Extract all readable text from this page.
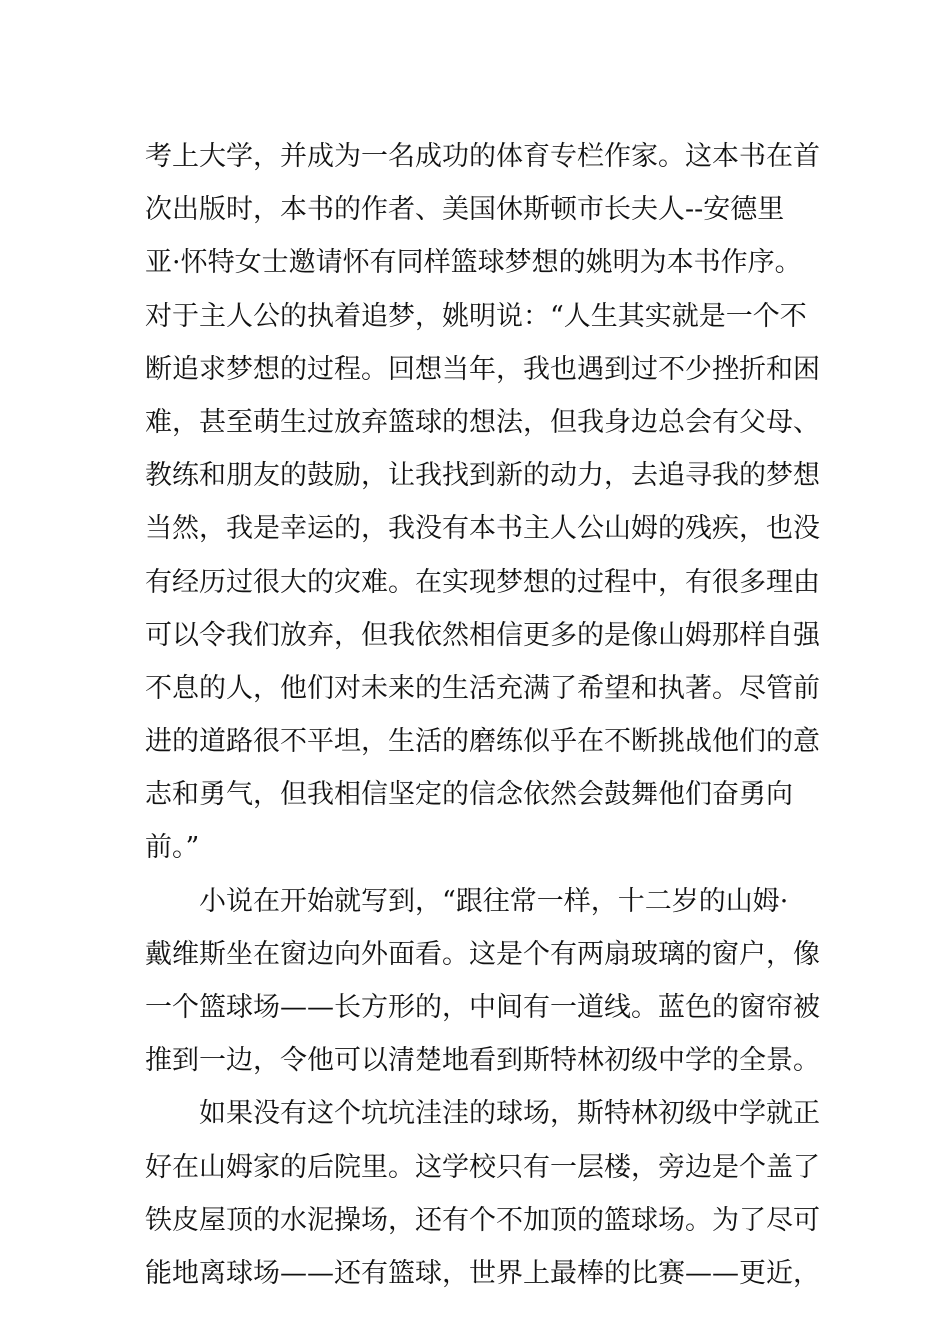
考上大学，并成为一名成功的体育专栏作家。这本书在首
次出版时，本书的作者、美国休斯顿市长夫人--安德里
亚·怀特女士邀请怀有同样篮球梦想的姚明为本书作序。
对于主人公的执着追梦，姚明说：“人生其实就是一个不
断追求梦想的过程。回想当年，我也遇到过不少挫折和困
难，甚至萌生过放弃篮球的想法，但我身边总会有父母、
教练和朋友的鼓励，让我找到新的动力，去追寻我的梦想
当然，我是幸运的，我没有本书主人公山姆的残疾，也没
有经历过很大的灾难。在实现梦想的过程中，有很多理由
可以令我们放弃，但我依然相信更多的是像山姆那样自强
不息的人，他们对未来的生活充满了希望和执著。尽管前
进的道路很不平坦，生活的磨练似乎在不断挑战他们的意
志和勇气，但我相信坚定的信念依然会鼓舞他们奋勇向
前。”
　　小说在开始就写到，“跟往常一样，十二岁的山姆·
戴维斯坐在窗边向外面看。这是个有两扇玻璃的窗户，像
一个篮球场——长方形的，中间有一道线。蓝色的窗帘被
推到一边，令他可以清楚地看到斯特林初级中学的全景。
　　如果没有这个坑坑洼洼的球场，斯特林初级中学就正
好在山姆家的后院里。这学校只有一层楼，旁边是个盖了
铁皮屋顶的水泥操场，还有个不加顶的篮球场。为了尽可
能地离球场——还有篮球，世界上最棒的比赛——更近，
